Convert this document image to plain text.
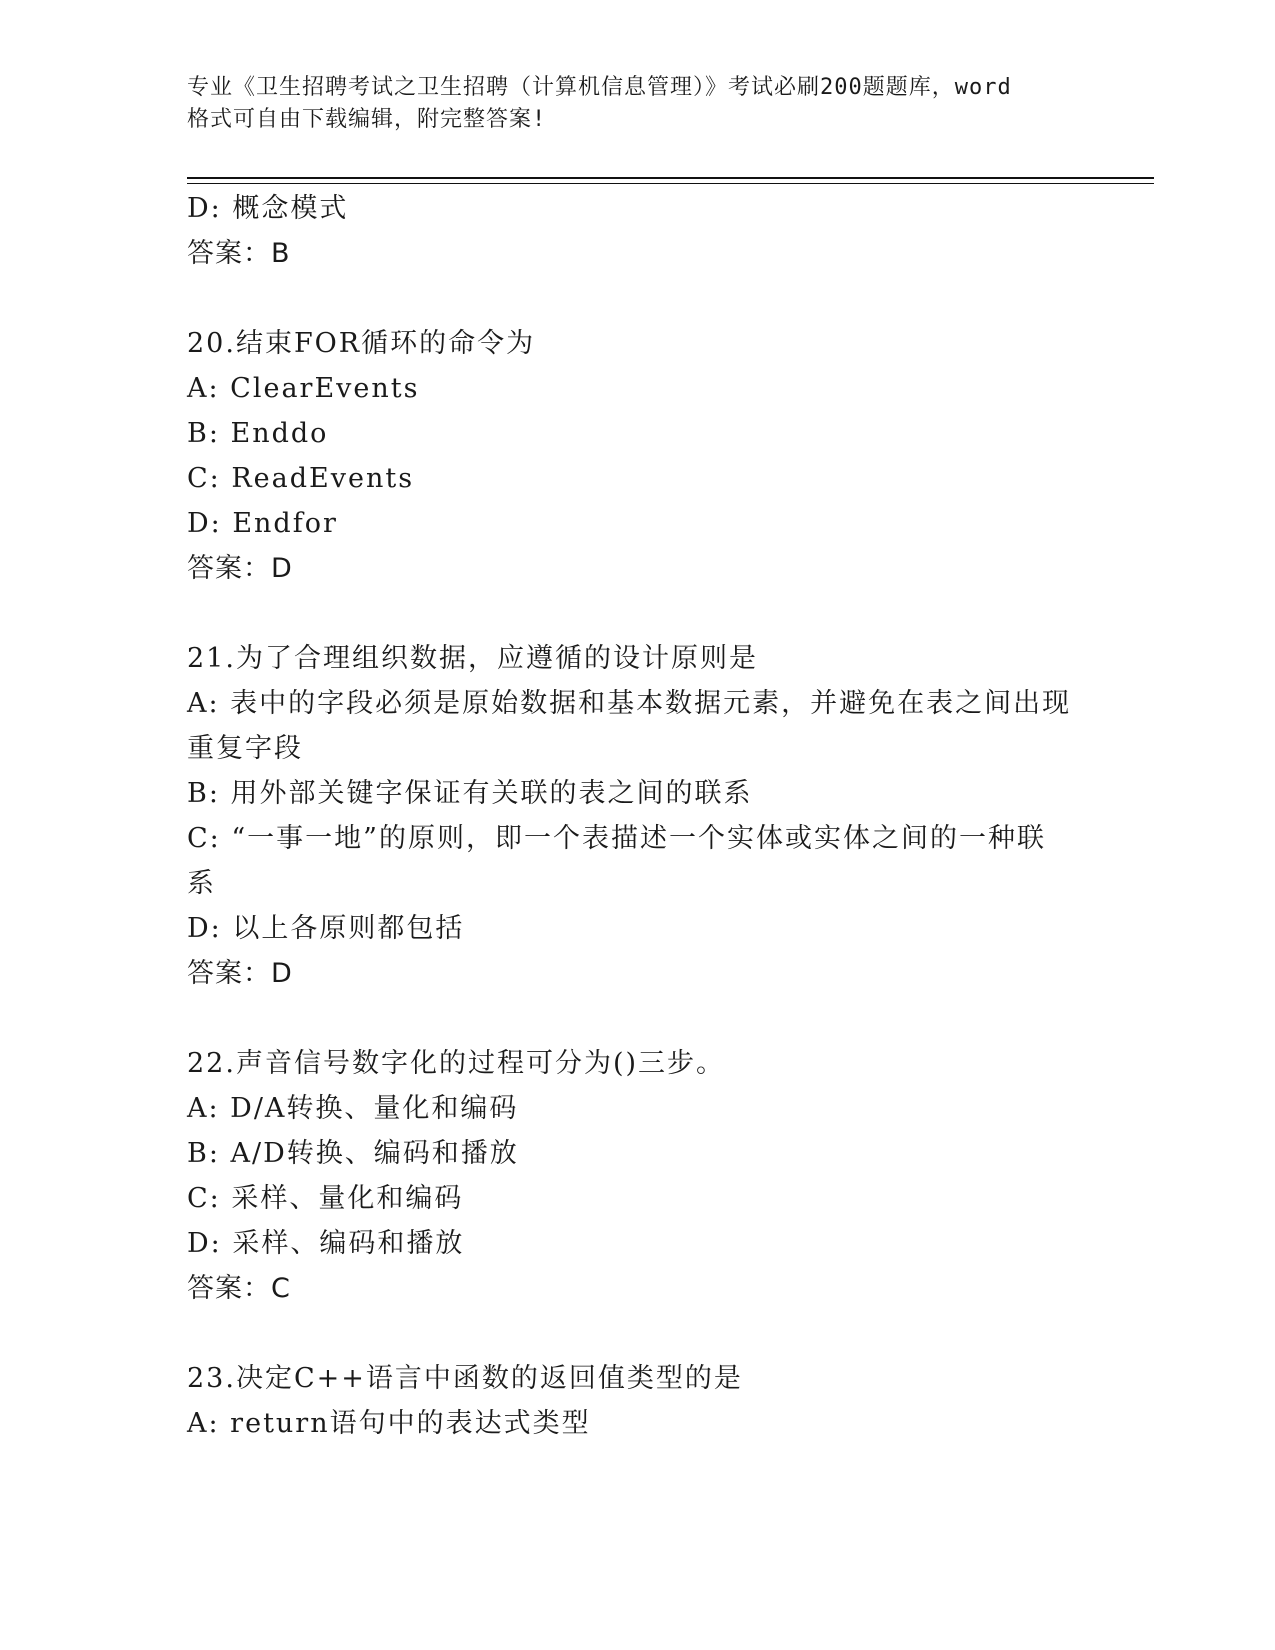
专业《卫生招聘考试之卫生招聘（计算机信息管理）》考试必刷200题题库，word
格式可自由下载编辑，附完整答案!
D: 概念模式
答案：B
20.结束FOR循环的命令为
A: ClearEvents
B: Enddo
C: ReadEvents
D: Endfor
答案：D
21.为了合理组织数据，应遵循的设计原则是
A: 表中的字段必须是原始数据和基本数据元素，并避免在表之间出现
重复字段
B: 用外部关键字保证有关联的表之间的联系
C: “一事一地”的原则，即一个表描述一个实体或实体之间的一种联
系
D: 以上各原则都包括
答案：D
22.声音信号数字化的过程可分为()三步。
A: D/A转换、量化和编码
B: A/D转换、编码和播放
C: 采样、量化和编码
D: 采样、编码和播放
答案：C
23.决定C++语言中函数的返回值类型的是
A: return语句中的表达式类型
